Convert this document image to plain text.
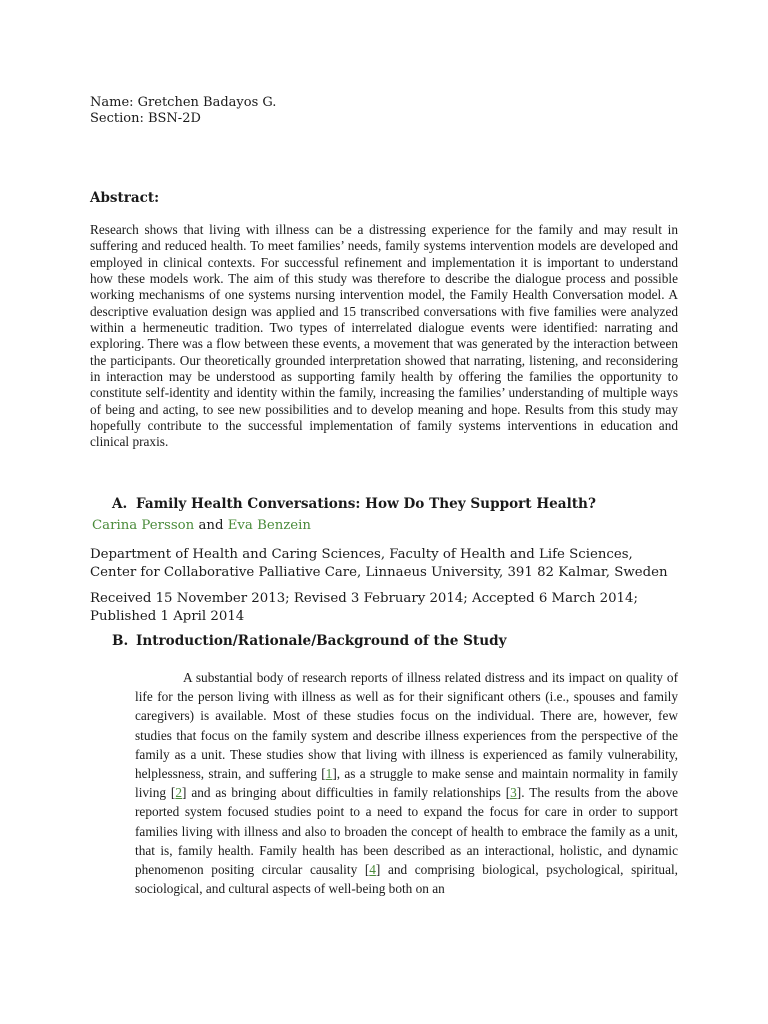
Name: Gretchen Badayos G.
Section: BSN-2D
Abstract:

Research shows that living with illness can be a distressing experience for the family and may result in suffering and reduced health. To meet families’ needs, family systems intervention models are developed and employed in clinical contexts. For successful refinement and implementation it is important to understand how these models work. The aim of this study was therefore to describe the dialogue process and possible working mechanisms of one systems nursing intervention model, the Family Health Conversation model. A descriptive evaluation design was applied and 15 transcribed conversations with five families were analyzed within a hermeneutic tradition. Two types of interrelated dialogue events were identified: narrating and exploring. There was a flow between these events, a movement that was generated by the interaction between the participants. Our theoretically grounded interpretation showed that narrating, listening, and reconsidering in interaction may be understood as supporting family health by offering the families the opportunity to constitute self-identity and identity within the family, increasing the families’ understanding of multiple ways of being and acting, to see new possibilities and to develop meaning and hope. Results from this study may hopefully contribute to the successful implementation of family systems interventions in education and clinical praxis.

A. Family Health Conversations: How Do They Support Health?
Carina Persson and Eva Benzein

Department of Health and Caring Sciences, Faculty of Health and Life Sciences, Center for Collaborative Palliative Care, Linnaeus University, 391 82 Kalmar, Sweden

Received 15 November 2013; Revised 3 February 2014; Accepted 6 March 2014; Published 1 April 2014

B. Introduction/Rationale/Background of the Study

A substantial body of research reports of illness related distress and its impact on quality of life for the person living with illness as well as for their significant others (i.e., spouses and family caregivers) is available. Most of these studies focus on the individual. There are, however, few studies that focus on the family system and describe illness experiences from the perspective of the family as a unit. These studies show that living with illness is experienced as family vulnerability, helplessness, strain, and suffering [1], as a struggle to make sense and maintain normality in family living [2] and as bringing about difficulties in family relationships [3]. The results from the above reported system focused studies point to a need to expand the focus for care in order to support families living with illness and also to broaden the concept of health to embrace the family as a unit, that is, family health. Family health has been described as an interactional, holistic, and dynamic phenomenon positing circular causality [4] and comprising biological, psychological, spiritual, sociological, and cultural aspects of well-being both on an
